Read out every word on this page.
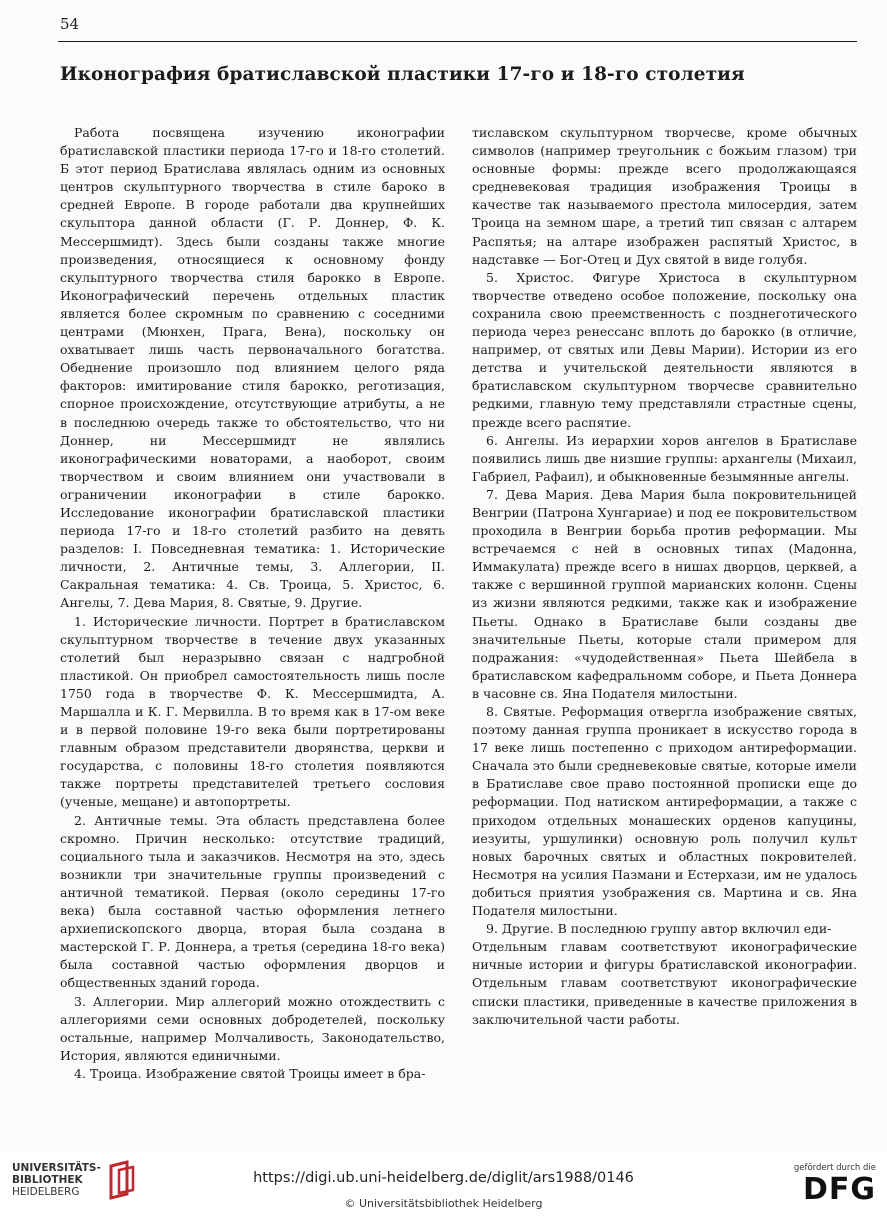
54
Иконография братиславской пластики 17-го и 18-го столетия

Работа посвящена изучению иконографии братиславской пластики периода 17-го и 18-го столетий. Б этот период Братислава являлась одним из основных центров скульптурного творчества в стиле бароко в средней Европе. В городе работали два крупнейших скульптора данной области (Г. Р. Доннер, Ф. К. Мессершмидт). Здесь были созданы также многие произведения, относящиеся к основному фонду скульптурного творчества стиля барокко в Европе. Иконографический перечень отдельных пластик является более скромным по сравнению с соседними центрами (Мюнхен, Прага, Вена), поскольку он охватывает лишь часть первоначального богатства. Обеднение произошло под влиянием целого ряда факторов: имитирование стиля барокко, реготизация, спорное происхождение, отсутствующие атрибуты, а не в последнюю очередь также то обстоятельство, что ни Доннер, ни Мессершмидт не являлись иконографическими новаторами, а наоборот, своим творчеством и своим влиянием они участвовали в ограничении иконографии в стиле барокко. Исследование иконографии братиславской пластики периода 17-го и 18-го столетий разбито на девять разделов: I. Повседневная тематика: 1. Исторические личности, 2. Античные темы, 3. Аллегории, II. Сакральная тематика: 4. Св. Троица, 5. Христос, 6. Ангелы, 7. Дева Мария, 8. Святые, 9. Другие.

1. Исторические личности. Портрет в братиславском скульптурном творчестве в течение двух указанных столетий был неразрывно связан с надгробной пластикой. Он приобрел самостоятельность лишь после 1750 года в творчестве Ф. К. Мессершмидта, А. Маршалла и К. Г. Мервилла. В то время как в 17-ом веке и в первой половине 19-го века были портретированы главным образом представители дворянства, церкви и государства, с половины 18-го столетия появляются также портреты представителей третьего сословия (ученые, мещане) и автопортреты.

2. Античные темы. Эта область представлена более скромно. Причин несколько: отсутствие традиций, социального тыла и заказчиков. Несмотря на это, здесь возникли три значительные группы произведений с античной тематикой. Первая (около середины 17-го века) была составной частью оформления летнего архиепископского дворца, вторая была создана в мастерской Г. Р. Доннера, а третья (середина 18-го века) была составной частью оформления дворцов и общественных зданий города.

3. Аллегории. Мир аллегорий можно отождествить с аллегориями семи основных добродетелей, поскольку остальные, например Молчаливость, Законодательство, История, являются единичными.

4. Троица. Изображение святой Троицы имеет в бра-

тиславском скульптурном творчесве, кроме обычных символов (например треугольник с божьим глазом) три основные формы: прежде всего продолжающаяся средневековая традиция изображения Троицы в качестве так называемого престола милосердия, затем Троица на земном шаре, а третий тип связан с алтарем Распятья; на алтаре изображен распятый Христос, в надставке — Бог-Отец и Дух святой в виде голубя.

5. Христос. Фигуре Христоса в скульптурном творчестве отведено особое положение, поскольку она сохранила свою преемственность с позднеготического периода через ренессанс вплоть до барокко (в отличие, например, от святых или Девы Марии). Истории из его детства и учительской деятельности являются в братиславском скульптурном творчесве сравнительно редкими, главную тему представляли страстные сцены, прежде всего распятие.

6. Ангелы. Из иерархии хоров ангелов в Братиславе появились лишь две низшие группы: архангелы (Михаил, Габриел, Рафаил), и обыкновенные безымянные ангелы.

7. Дева Мария. Дева Мария была покровительницей Венгрии (Патрона Хунгариае) и под ее покровительством проходила в Венгрии борьба против реформации. Мы встречаемся с ней в основных типах (Мадонна, Иммакулата) прежде всего в нишах дворцов, церквей, а также с вершинной группой марианских колонн. Сцены из жизни являются редкими, также как и изображение Пьеты. Однако в Братиславе были созданы две значительные Пьеты, которые стали примером для подражания: «чудодейственная» Пьета Шейбела в братиславском кафедральномм соборе, и Пьета Доннера в часовне св. Яна Подателя милостыни.

8. Святые. Реформация отвергла изображение святых, поэтому данная группа проникает в искусство города в 17 веке лишь постепенно с приходом антиреформации. Сначала это были средневековые святые, которые имели в Братиславе свое право постоянной прописки еще до реформации. Под натиском антиреформации, а также с приходом отдельных монашеских орденов капуцины, иезуиты, уршулинки) основную роль получил культ новых барочных святых и областных покровителей. Несмотря на усилия Пазмани и Естерхази, им не удалось добиться приятия узображения св. Мартина и св. Яна Подателя милостыни.

9. Другие. В последнюю группу автор включил еди-

Отдельным главам соответствуют иконографические ничные истории и фигуры братиславской иконографии. Отдельным главам соответствуют иконографические списки пластики, приведенные в качестве приложения в заключительной части работы.

UNIVERSITÄTS-
BIBLIOTHEK
HEIDELBERG
https://digi.ub.uni-heidelberg.de/diglit/ars1988/0146
© Universitätsbibliothek Heidelberg
gefördert durch die
DFG
